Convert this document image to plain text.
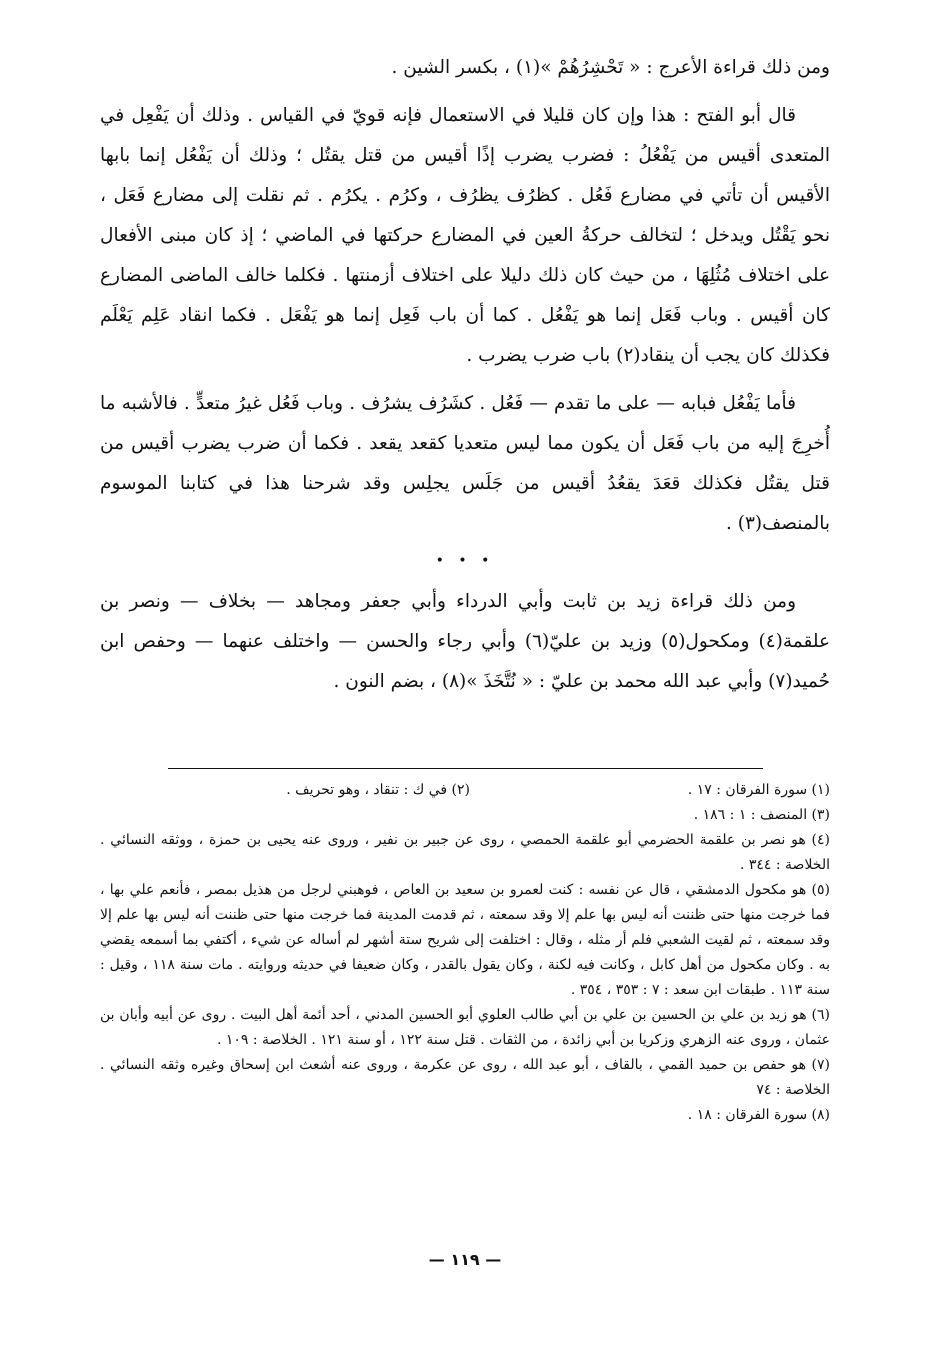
ومن ذلك قراءة الأعرج : « تَحْشِرُهُمْ »(١) ، بكسر الشين .

قال أبو الفتح : هذا وإن كان قليلا في الاستعمال فإنه قويّ في القياس . وذلك أن يَفْعِل في المتعدى أقيس من يَفْعُلُ : فضرب يضرب إذًا أقيس من قتل يقتُل ؛ وذلك أن يَفْعُل إنما بابها الأقيس أن تأتي في مضارع فَعُل . كظرُف يظرُف ، وكرُم . يكرُم . ثم نقلت إلى مضارع فَعَل ، نحو يَقْتُل ويدخل ؛ لتخالف حركةُ العين في المضارع حركتها في الماضي ؛ إذ كان مبنى الأفعال على اختلاف مُثُلِهَا ، من حيث كان ذلك دليلا على اختلاف أزمنتها . فكلما خالف الماضى المضارع كان أقيس . وباب فَعَل إنما هو يَفْعُل . كما أن باب فَعِل إنما هو يَفْعَل . فكما انقاد عَلِم يَعْلَم فكذلك كان يجب أن ينقاد(٢) باب ضرب يضرب .

فأما يَفْعُل فبابه — على ما تقدم — فَعُل . كشَرُف يشرُف . وباب فَعُل غيرُ متعدٍّ . فالأشبه ما أُخرِجَ إليه من باب فَعَل أن يكون مما ليس متعديا كقعد يقعد . فكما أن ضرب يضرب أقيس من قتل يقتُل فكذلك قعَدَ يقعُدُ أقيس من جَلَس يجلِس وقد شرحنا هذا في كتابنا الموسوم بالمنصف(٣) .

• • •

ومن ذلك قراءة زيد بن ثابت وأبي الدرداء وأبي جعفر ومجاهد — بخلاف — ونصر بن علقمة(٤) ومكحول(٥) وزيد بن عليّ(٦) وأبي رجاء والحسن — واختلف عنهما — وحفص ابن حُميد(٧) وأبي عبد الله محمد بن عليّ : « نُتَّخَذَ »(٨) ، بضم النون .

(١) سورة الفرقان : ١٧ .

(٢) في ك : تنقاد ، وهو تحريف .

(٣) المنصف : ١ : ١٨٦ .

(٤) هو نصر بن علقمة الحضرمي أبو علقمة الحمصي ، روى عن جبير بن نفير ، وروى عنه يحيى بن حمزة ، ووثقه النسائي . الخلاصة : ٣٤٤ .

(٥) هو مكحول الدمشقي ، قال عن نفسه : كنت لعمرو بن سعيد بن العاص ، فوهبني لرجل من هذيل بمصر ، فأنعم علي بها ، فما خرجت منها حتى ظننت أنه ليس بها علم إلا وقد سمعته ، ثم قدمت المدينة فما خرجت منها حتى ظننت أنه ليس بها علم إلا وقد سمعته ، ثم لقيت الشعبي فلم أر مثله ، وقال : اختلفت إلى شريح ستة أشهر لم أساله عن شيء ، أكتفي بما أسمعه يقضي به . وكان مكحول من أهل كابل ، وكانت فيه لكنة ، وكان يقول بالقدر ، وكان ضعيفا في حديثه وروايته . مات سنة ١١٨ ، وقيل : سنة ١١٣ . طبقات ابن سعد : ٧ : ٣٥٣ ، ٣٥٤ .

(٦) هو زيد بن علي بن الحسين بن علي بن أبي طالب العلوي أبو الحسين المدني ، أحد أئمة أهل البيت . روى عن أبيه وأبان بن عثمان ، وروى عنه الزهري وزكريا بن أبي زائدة ، من الثقات . قتل سنة ١٢٢ ، أو سنة ١٢١ . الخلاصة : ١٠٩ .

(٧) هو حفص بن حميد القمي ، بالقاف ، أبو عبد الله ، روى عن عكرمة ، وروى عنه أشعث ابن إسحاق وغيره وثقه النسائي . الخلاصة : ٧٤

(٨) سورة الفرقان : ١٨ .

— ١١٩ —
